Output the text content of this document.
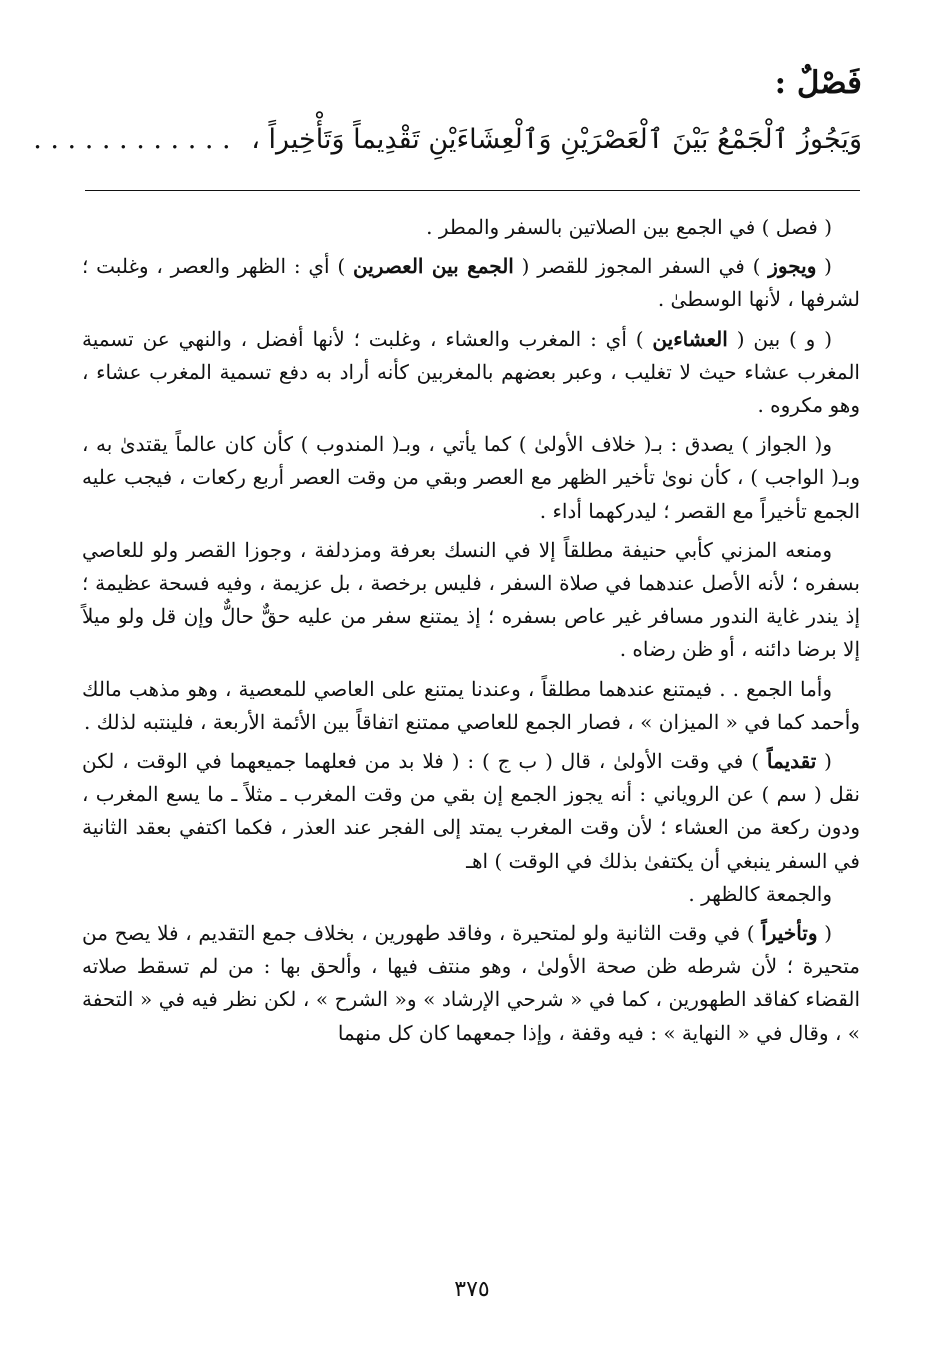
فَصْلٌ :
وَيَجُوزُ ٱلْجَمْعُ بَيْنَ ٱلْعَصْرَيْنِ وَٱلْعِشَاءَيْنِ تَقْدِيماً وَتَأْخِيراً ، . . . . . . . . . . . .

( فصل ) في الجمع بين الصلاتين بالسفر والمطر .

( ويجوز ) في السفر المجوز للقصر ( الجمع بين العصرين ) أي : الظهر والعصر ، وغلبت ؛ لشرفها ، لأنها الوسطىٰ .

( و ) بين ( العشاءين ) أي : المغرب والعشاء ، وغلبت ؛ لأنها أفضل ، والنهي عن تسمية المغرب عشاء حيث لا تغليب ، وعبر بعضهم بالمغربين كأنه أراد به دفع تسمية المغرب عشاء ، وهو مكروه .

و( الجواز ) يصدق : بـ( خلاف الأولىٰ ) كما يأتي ، وبـ( المندوب ) كأن كان عالماً يقتدىٰ به ، وبـ( الواجب ) ، كأن نوىٰ تأخير الظهر مع العصر وبقي من وقت العصر أربع ركعات ، فيجب عليه الجمع تأخيراً مع القصر ؛ ليدركهما أداء .

ومنعه المزني كأبي حنيفة مطلقاً إلا في النسك بعرفة ومزدلفة ، وجوزا القصر ولو للعاصي بسفره ؛ لأنه الأصل عندهما في صلاة السفر ، فليس برخصة ، بل عزيمة ، وفيه فسحة عظيمة ؛ إذ يندر غاية الندور مسافر غير عاص بسفره ؛ إذ يمتنع سفر من عليه حقٌّ حالٌّ وإن قل ولو ميلاً إلا برضا دائنه ، أو ظن رضاه .

وأما الجمع . . فيمتنع عندهما مطلقاً ، وعندنا يمتنع على العاصي للمعصية ، وهو مذهب مالك وأحمد كما في « الميزان » ، فصار الجمع للعاصي ممتنع اتفاقاً بين الأئمة الأربعة ، فلينتبه لذلك .

( تقديماً ) في وقت الأولىٰ ، قال ( ب ج ) : ( فلا بد من فعلهما جميعهما في الوقت ، لكن نقل ( سم ) عن الروياني : أنه يجوز الجمع إن بقي من وقت المغرب ـ مثلاً ـ ما يسع المغرب ، ودون ركعة من العشاء ؛ لأن وقت المغرب يمتد إلى الفجر عند العذر ، فكما اكتفي بعقد الثانية في السفر ينبغي أن يكتفىٰ بذلك في الوقت ) اهـ

والجمعة كالظهر .

( وتأخيراً ) في وقت الثانية ولو لمتحيرة ، وفاقد طهورين ، بخلاف جمع التقديم ، فلا يصح من متحيرة ؛ لأن شرطه ظن صحة الأولىٰ ، وهو منتف فيها ، وألحق بها : من لم تسقط صلاته القضاء كفاقد الطهورين ، كما في « شرحي الإرشاد » و« الشرح » ، لكن نظر فيه في « التحفة » ، وقال في « النهاية » : فيه وقفة ، وإذا جمعهما كان كل منهما

٣٧٥
